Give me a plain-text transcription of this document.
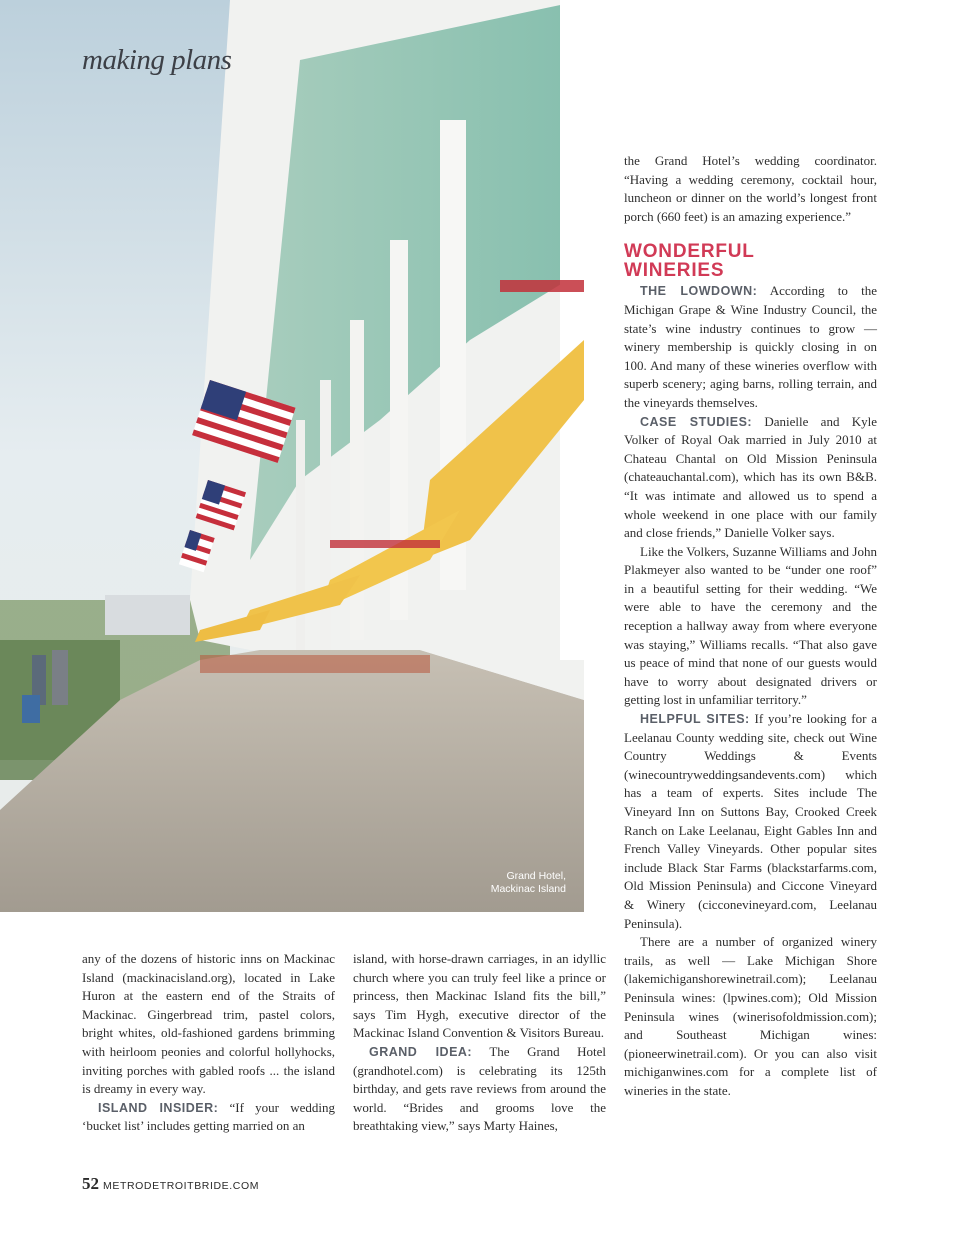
Grand Hotel,
Mackinac Island
making plans

any of the dozens of historic inns on Mackinac Island (mackinacisland.org), located in Lake Huron at the eastern end of the Straits of Mackinac. Gingerbread trim, pastel colors, bright whites, old-fashioned gardens brimming with heirloom peonies and colorful hollyhocks, inviting porches with gabled roofs ... the island is dreamy in every way.

ISLAND INSIDER: “If your wedding ‘bucket list’ includes getting married on an

island, with horse-drawn carriages, in an idyllic church where you can truly feel like a prince or princess, then Mackinac Island fits the bill,” says Tim Hygh, executive director of the Mackinac Island Convention & Visitors Bureau.

GRAND IDEA: The Grand Hotel (grandhotel.com) is celebrating its 125th birthday, and gets rave reviews from around the world. “Brides and grooms love the breathtaking view,” says Marty Haines,

the Grand Hotel’s wedding coordinator. “Having a wedding ceremony, cocktail hour, luncheon or dinner on the world’s longest front porch (660 feet) is an amazing experience.”

WONDERFUL
WINERIES

THE LOWDOWN: According to the Michigan Grape & Wine Industry Council, the state’s wine industry continues to grow — winery membership is quickly closing in on 100. And many of these wineries overflow with superb scenery; aging barns, rolling terrain, and the vineyards themselves.

CASE STUDIES: Danielle and Kyle Volker of Royal Oak married in July 2010 at Chateau Chantal on Old Mission Peninsula (chateauchantal.com), which has its own B&B. “It was intimate and allowed us to spend a whole weekend in one place with our family and close friends,” Danielle Volker says.

Like the Volkers, Suzanne Williams and John Plakmeyer also wanted to be “under one roof” in a beautiful setting for their wedding. “We were able to have the ceremony and the reception a hallway away from where everyone was staying,” Williams recalls. “That also gave us peace of mind that none of our guests would have to worry about designated drivers or getting lost in unfamiliar territory.”

HELPFUL SITES: If you’re looking for a Leelanau County wedding site, check out Wine Country Weddings & Events (winecountryweddingsandevents.com) which has a team of experts. Sites include The Vineyard Inn on Suttons Bay, Crooked Creek Ranch on Lake Leelanau, Eight Gables Inn and French Valley Vineyards. Other popular sites include Black Star Farms (blackstarfarms.com, Old Mission Peninsula) and Ciccone Vineyard & Winery (cicconevineyard.com, Leelanau Peninsula).

There are a number of organized winery trails, as well — Lake Michigan Shore (lakemichiganshorewinetrail.com); Leelanau Peninsula wines: (lpwines.com); Old Mission Peninsula wines (winerisofoldmission.com); and Southeast Michigan wines: (pioneerwinetrail.com). Or you can also visit michiganwines.com for a complete list of wineries in the state.

52 METRODETROITBRIDE.COM
